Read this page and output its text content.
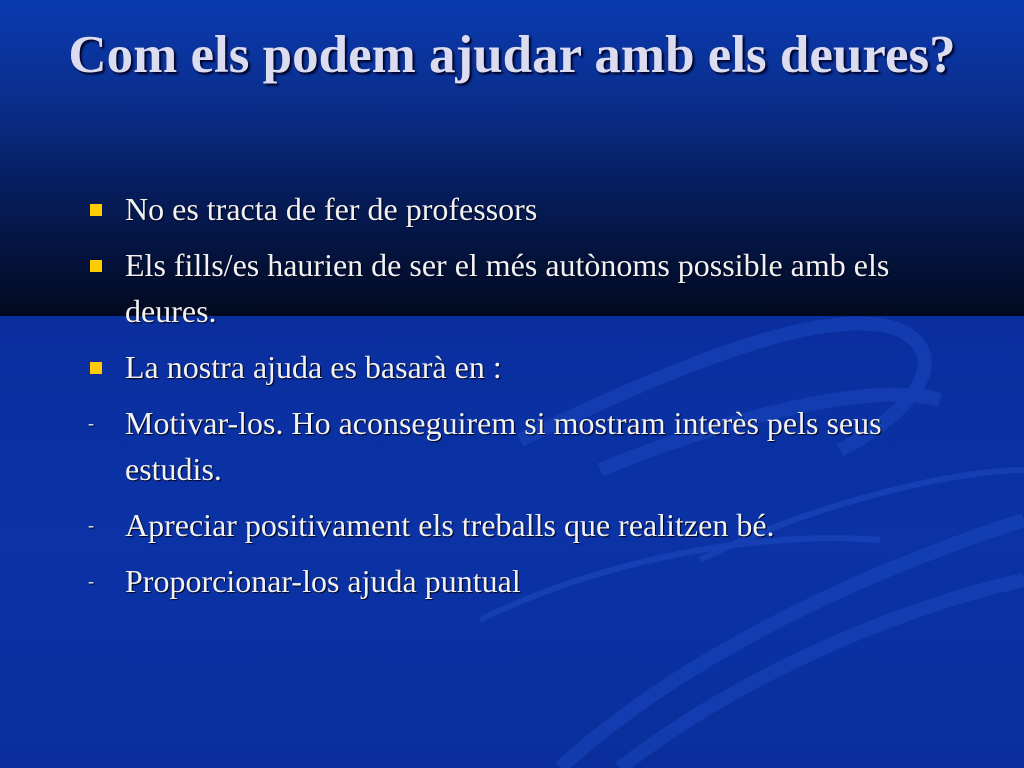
Com els podem ajudar amb els deures?
No es tracta de fer de professors
Els fills/es haurien de ser el més autònoms possible amb els deures.
La nostra ajuda es basarà en :
- Motivar-los. Ho aconseguirem si mostram interès pels seus estudis.
- Apreciar positivament els treballs que realitzen bé.
- Proporcionar-los ajuda puntual
